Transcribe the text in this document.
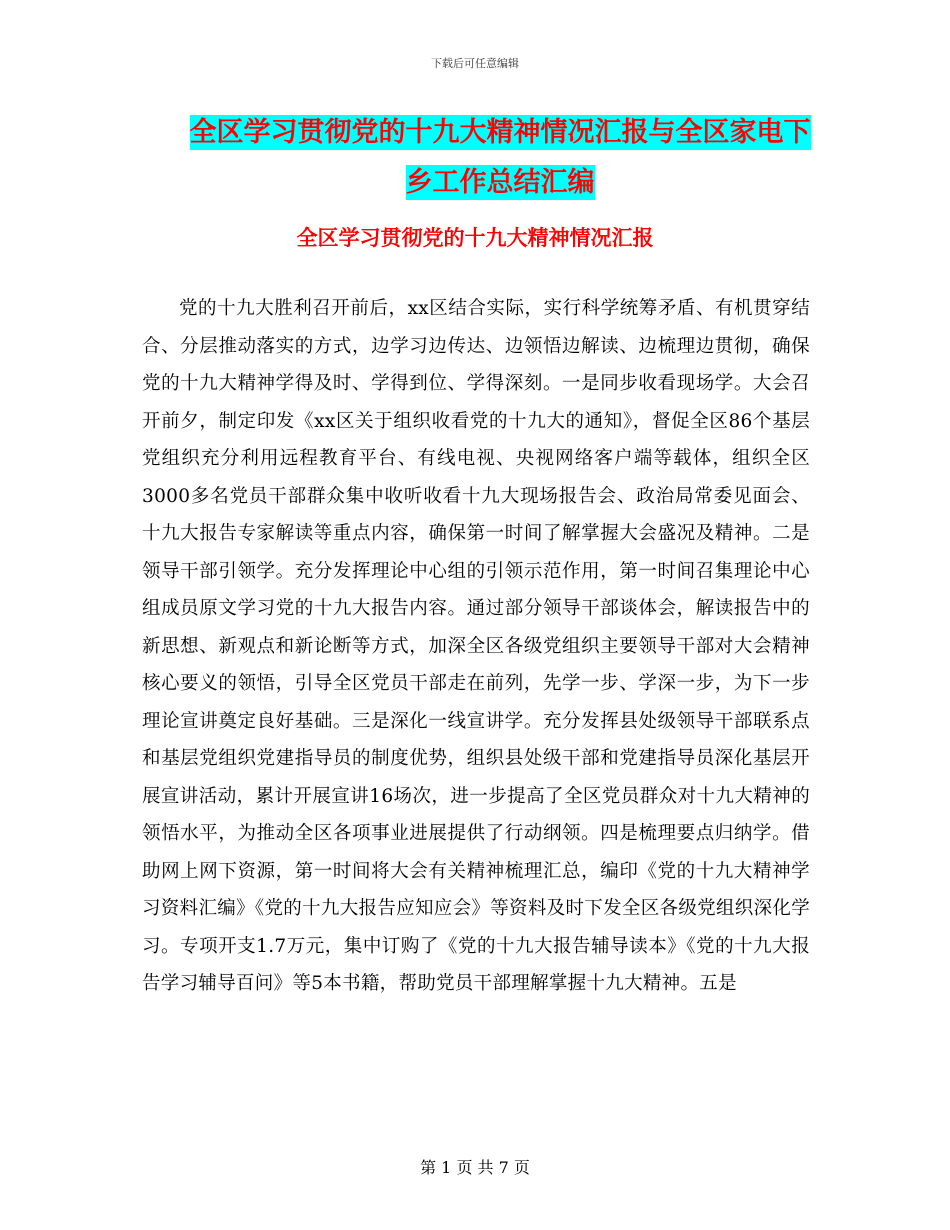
下载后可任意编辑
全区学习贯彻党的十九大精神情况汇报与全区家电下
乡工作总结汇编
全区学习贯彻党的十九大精神情况汇报

党的十九大胜利召开前后，xx区结合实际，实行科学统筹矛盾、有机贯穿结合、分层推动落实的方式，边学习边传达、边领悟边解读、边梳理边贯彻，确保党的十九大精神学得及时、学得到位、学得深刻。一是同步收看现场学。大会召开前夕，制定印发《xx区关于组织收看党的十九大的通知》，督促全区86个基层党组织充分利用远程教育平台、有线电视、央视网络客户端等载体，组织全区3000多名党员干部群众集中收听收看十九大现场报告会、政治局常委见面会、十九大报告专家解读等重点内容，确保第一时间了解掌握大会盛况及精神。二是领导干部引领学。充分发挥理论中心组的引领示范作用，第一时间召集理论中心组成员原文学习党的十九大报告内容。通过部分领导干部谈体会，解读报告中的新思想、新观点和新论断等方式，加深全区各级党组织主要领导干部对大会精神核心要义的领悟，引导全区党员干部走在前列，先学一步、学深一步，为下一步理论宣讲奠定良好基础。三是深化一线宣讲学。充分发挥县处级领导干部联系点和基层党组织党建指导员的制度优势，组织县处级干部和党建指导员深化基层开展宣讲活动，累计开展宣讲16场次，进一步提高了全区党员群众对十九大精神的领悟水平，为推动全区各项事业进展提供了行动纲领。四是梳理要点归纳学。借助网上网下资源，第一时间将大会有关精神梳理汇总，编印《党的十九大精神学习资料汇编》《党的十九大报告应知应会》等资料及时下发全区各级党组织深化学习。专项开支1.7万元，集中订购了《党的十九大报告辅导读本》《党的十九大报告学习辅导百问》等5本书籍，帮助党员干部理解掌握十九大精神。五是

第 1 页 共 7 页
